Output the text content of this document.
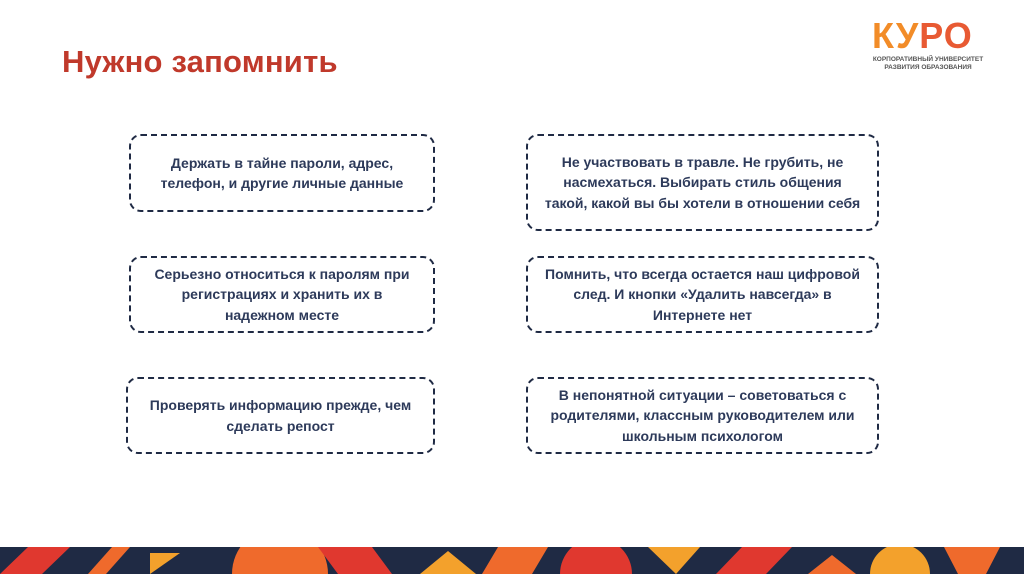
Нужно запомнить
КУРО
КОРПОРАТИВНЫЙ УНИВЕРСИТЕТ
РАЗВИТИЯ ОБРАЗОВАНИЯ
Держать в тайне пароли, адрес, телефон, и другие личные данные
Серьезно относиться к паролям при регистрациях и хранить их в надежном месте
Проверять информацию прежде, чем сделать репост
Не участвовать в травле. Не грубить, не насмехаться. Выбирать стиль общения такой, какой вы бы хотели в отношении себя
Помнить, что всегда остается наш цифровой след. И кнопки «Удалить навсегда» в Интернете нет
В непонятной ситуации – советоваться с родителями, классным руководителем или школьным психологом
